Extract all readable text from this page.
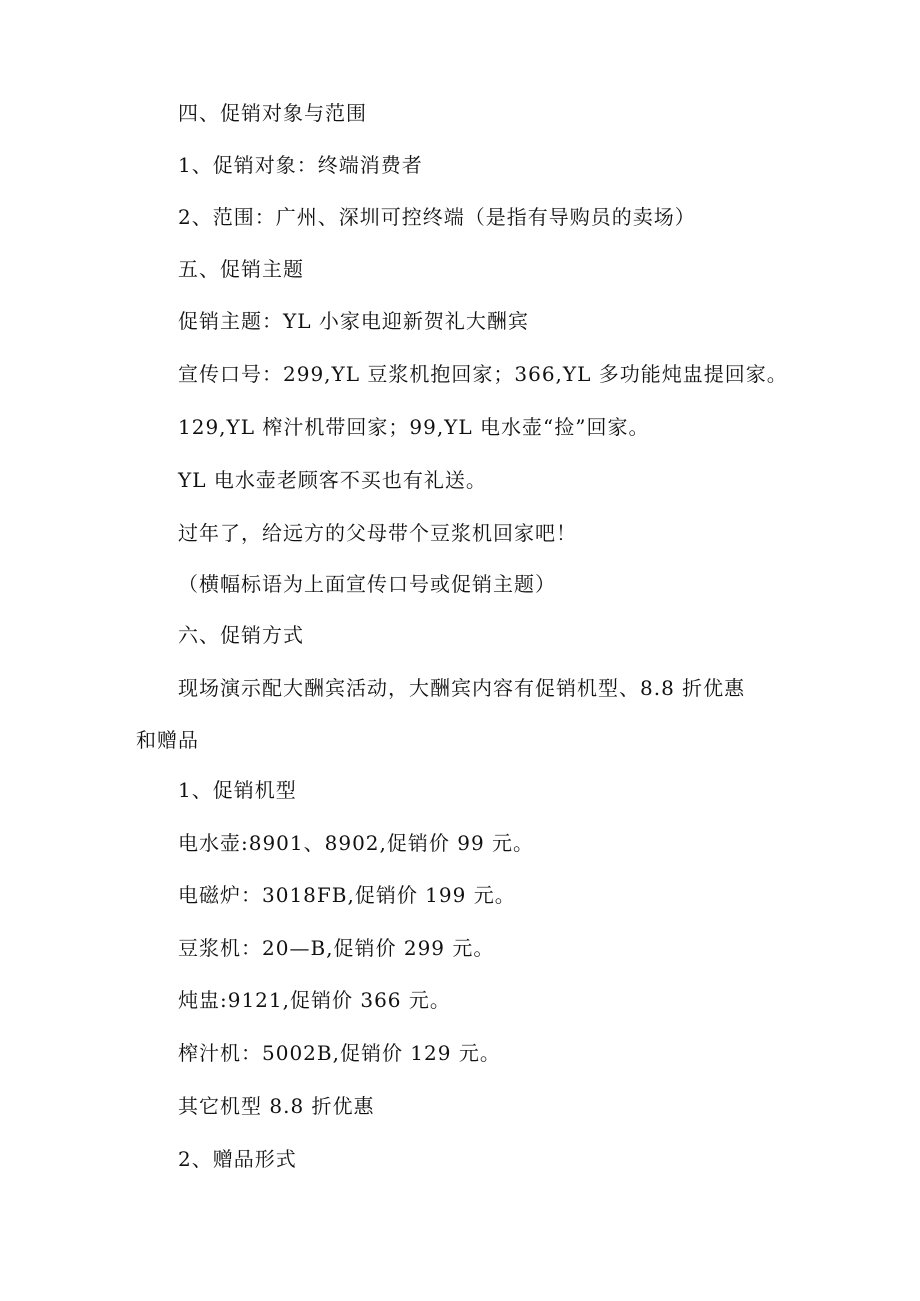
四、促销对象与范围

1、促销对象：终端消费者

2、范围：广州、深圳可控终端（是指有导购员的卖场）

五、促销主题

促销主题：YL 小家电迎新贺礼大酬宾

宣传口号：299,YL 豆浆机抱回家；366,YL 多功能炖盅提回家。

129,YL 榨汁机带回家；99,YL 电水壶“捡”回家。

YL 电水壶老顾客不买也有礼送。

过年了，给远方的父母带个豆浆机回家吧！

（横幅标语为上面宣传口号或促销主题）

六、促销方式

现场演示配大酬宾活动，大酬宾内容有促销机型、8.8 折优惠

和赠品

1、促销机型

电水壶:8901、8902,促销价 99 元。

电磁炉：3018FB,促销价 199 元。

豆浆机：20—B,促销价 299 元。

炖盅:9121,促销价 366 元。

榨汁机：5002B,促销价 129 元。

其它机型 8.8 折优惠

2、赠品形式
